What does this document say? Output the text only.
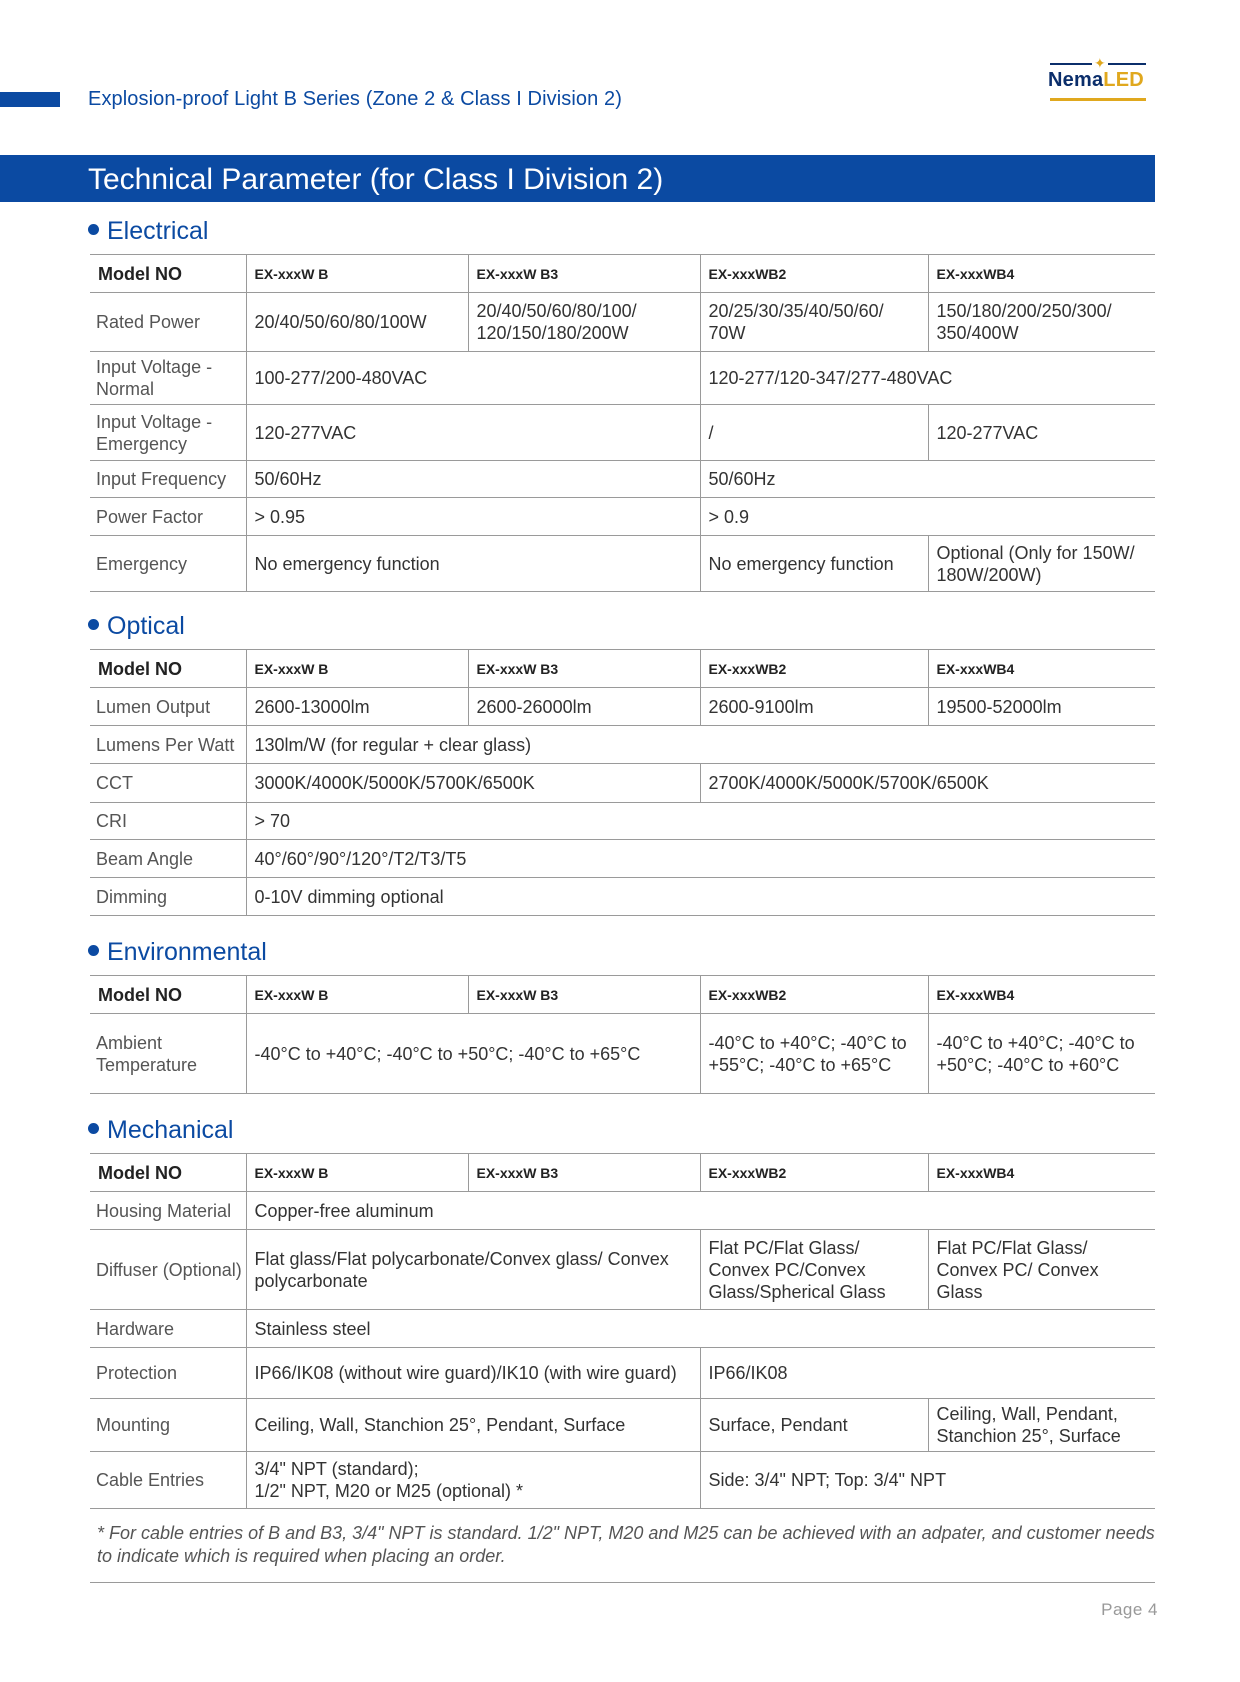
Explosion-proof Light B Series (Zone 2 & Class I Division 2)
✦
NemaLED
Technical Parameter (for Class I Division 2)
Electrical
Model NO	EX-xxxW B	EX-xxxW B3	EX-xxxWB2	EX-xxxWB4
Rated Power	20/40/50/60/80/100W	20/40/50/60/80/100/ 120/150/180/200W	20/25/30/35/40/50/60/ 70W	150/180/200/250/300/ 350/400W
Input Voltage - Normal	100-277/200-480VAC		120-277/120-347/277-480VAC	
Input Voltage - Emergency	120-277VAC		/	120-277VAC
Input Frequency	50/60Hz		50/60Hz	
Power Factor	> 0.95		> 0.9	
Emergency	No emergency function		No emergency function	Optional (Only for 150W/ 180W/200W)
Optical
Model NO	EX-xxxW B	EX-xxxW B3	EX-xxxWB2	EX-xxxWB4
Lumen Output	2600-13000lm	2600-26000lm	2600-9100lm	19500-52000lm
Lumens Per Watt	130lm/W (for regular + clear glass)			
CCT	3000K/4000K/5000K/5700K/6500K		2700K/4000K/5000K/5700K/6500K	
CRI	> 70			
Beam Angle	40°/60°/90°/120°/T2/T3/T5			
Dimming	0-10V dimming optional			
Environmental
Model NO	EX-xxxW B	EX-xxxW B3	EX-xxxWB2	EX-xxxWB4
Ambient Temperature	-40°C to +40°C; -40°C to +50°C; -40°C to +65°C		-40°C to +40°C; -40°C to +55°C; -40°C to +65°C	-40°C to +40°C; -40°C to +50°C; -40°C to +60°C
Mechanical
Model NO	EX-xxxW B	EX-xxxW B3	EX-xxxWB2	EX-xxxWB4
Housing Material	Copper-free aluminum			
Diffuser (Optional)	Flat glass/Flat polycarbonate/Convex glass/ Convex polycarbonate		Flat PC/Flat Glass/ Convex PC/Convex Glass/Spherical Glass	Flat PC/Flat Glass/ Convex PC/ Convex Glass
Hardware	Stainless steel			
Protection	IP66/IK08 (without wire guard)/IK10 (with wire guard)		IP66/IK08	
Mounting	Ceiling, Wall, Stanchion 25°, Pendant, Surface		Surface, Pendant	Ceiling, Wall, Pendant, Stanchion 25°, Surface
Cable Entries	3/4" NPT (standard);
1/2" NPT, M20 or M25 (optional) *		Side: 3/4" NPT; Top: 3/4" NPT	
* For cable entries of B and B3, 3/4" NPT is standard. 1/2" NPT, M20 and M25 can be achieved with an adpater, and customer needs to indicate which is required when placing an order.
Page 4
